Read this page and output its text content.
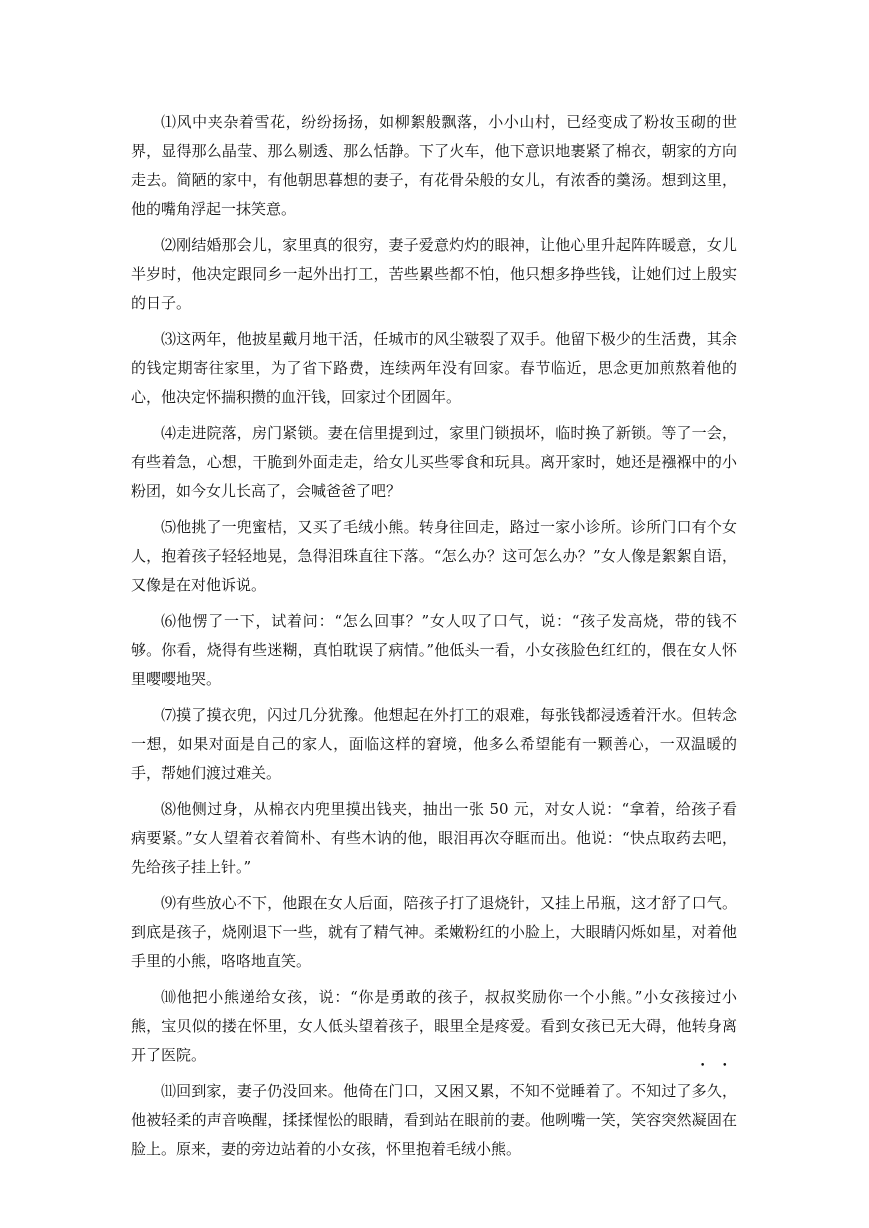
⑴风中夹杂着雪花，纷纷扬扬，如柳絮般飘落，小小山村，已经变成了粉妆玉砌的世界，显得那么晶莹、那么剔透、那么恬静。下了火车，他下意识地裹紧了棉衣，朝家的方向走去。简陋的家中，有他朝思暮想的妻子，有花骨朵般的女儿，有浓香的羹汤。想到这里，他的嘴角浮起一抹笑意。

⑵刚结婚那会儿，家里真的很穷，妻子爱意灼灼的眼神，让他心里升起阵阵暖意，女儿半岁时，他决定跟同乡一起外出打工，苦些累些都不怕，他只想多挣些钱，让她们过上殷实的日子。

⑶这两年，他披星戴月地干活，任城市的风尘皲裂了双手。他留下极少的生活费，其余的钱定期寄往家里，为了省下路费，连续两年没有回家。春节临近，思念更加煎熬着他的心，他决定怀揣积攒的血汗钱，回家过个团圆年。

⑷走进院落，房门紧锁。妻在信里提到过，家里门锁损坏，临时换了新锁。等了一会，有些着急，心想，干脆到外面走走，给女儿买些零食和玩具。离开家时，她还是襁褓中的小粉团，如今女儿长高了，会喊爸爸了吧？

⑸他挑了一兜蜜桔，又买了毛绒小熊。转身往回走，路过一家小诊所。诊所门口有个女人，抱着孩子轻轻地晃，急得泪珠直往下落。“怎么办？这可怎么办？”女人像是絮絮自语，又像是在对他诉说。

⑹他愣了一下，试着问：“怎么回事？”女人叹了口气，说：“孩子发高烧，带的钱不够。你看，烧得有些迷糊，真怕耽误了病情。”他低头一看，小女孩脸色红红的，偎在女人怀里嘤嘤地哭。

⑺摸了摸衣兜，闪过几分犹豫。他想起在外打工的艰难，每张钱都浸透着汗水。但转念一想，如果对面是自己的家人，面临这样的窘境，他多么希望能有一颗善心，一双温暖的手，帮她们渡过难关。

⑻他侧过身，从棉衣内兜里摸出钱夹，抽出一张 50 元，对女人说：“拿着，给孩子看病要紧。”女人望着衣着简朴、有些木讷的他，眼泪再次夺眶而出。他说：“快点取药去吧，先给孩子挂上针。”

⑼有些放心不下，他跟在女人后面，陪孩子打了退烧针，又挂上吊瓶，这才舒了口气。到底是孩子，烧刚退下一些，就有了精气神。柔嫩粉红的小脸上，大眼睛闪烁如星，对着他手里的小熊，咯咯地直笑。

⑽他把小熊递给女孩，说：“你是勇敢的孩子，叔叔奖励你一个小熊。”小女孩接过小熊，宝贝似的搂在怀里，女人低头望着孩子，眼里全是疼爱。看到女孩已无大碍，他转身离开了医院。

⑾回到家，妻子仍没回来。他倚在门口，又困又累，不知不觉睡着了。不知过了多久，他被轻柔的声音唤醒，揉揉惺忪的眼睛，看到站在眼前的妻。他咧嘴一笑，笑容突然凝固在脸上。原来，妻的旁边站着的小女孩，怀里抱着毛绒小熊。

• •
